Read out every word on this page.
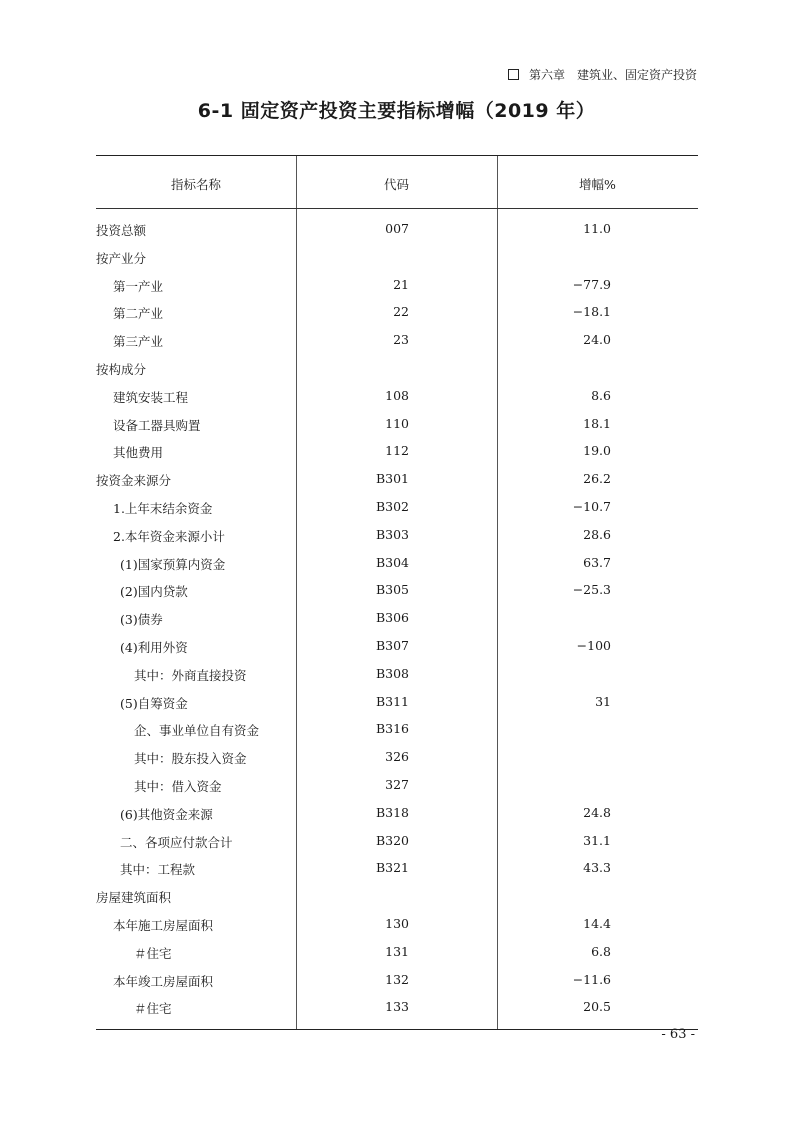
第六章　建筑业、固定资产投资
6-1 固定资产投资主要指标增幅（2019 年）
指标名称	代码	增幅%
投资总额	007	11.0
按产业分
第一产业	21	−77.9
第二产业	22	−18.1
第三产业	23	24.0
按构成分
建筑安装工程	108	8.6
设备工器具购置	110	18.1
其他费用	112	19.0
按资金来源分	B301	26.2
1.上年末结余资金	B302	−10.7
2.本年资金来源小计	B303	28.6
(1)国家预算内资金	B304	63.7
(2)国内贷款	B305	−25.3
(3)债券	B306
(4)利用外资	B307	−100
其中：外商直接投资	B308
(5)自筹资金	B311	31
企、事业单位自有资金	B316
其中：股东投入资金	326
其中：借入资金	327
(6)其他资金来源	B318	24.8
二、各项应付款合计	B320	31.1
其中：工程款	B321	43.3
房屋建筑面积
本年施工房屋面积	130	14.4
＃住宅	131	6.8
本年竣工房屋面积	132	−11.6
＃住宅	133	20.5
- 63 -
